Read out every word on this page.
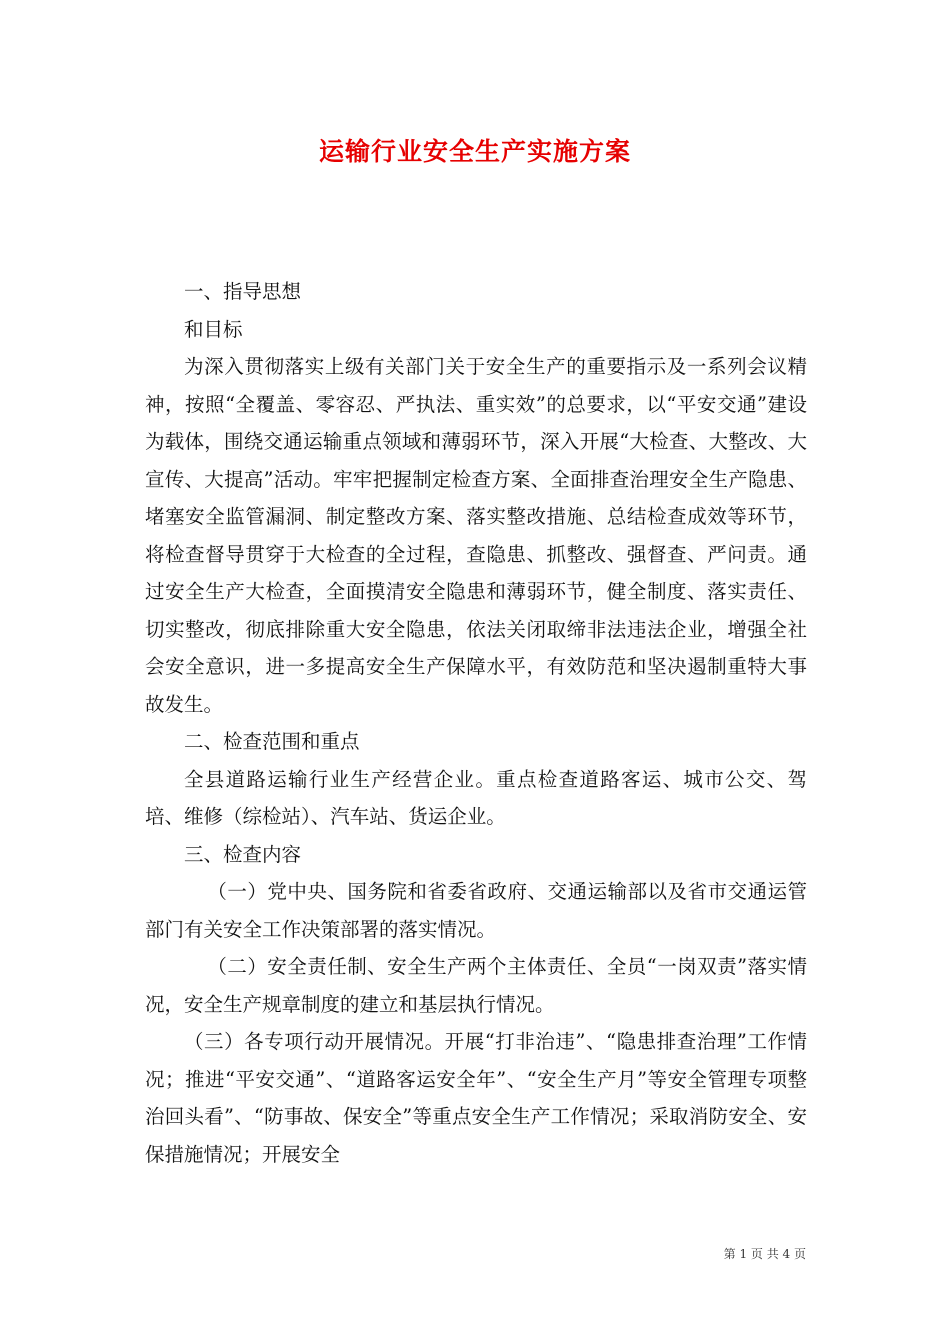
运输行业安全生产实施方案

一、指导思想

和目标

为深入贯彻落实上级有关部门关于安全生产的重要指示及一系列会议精神，按照“全覆盖、零容忍、严执法、重实效”的总要求，以“平安交通”建设为载体，围绕交通运输重点领域和薄弱环节，深入开展“大检查、大整改、大宣传、大提高”活动。牢牢把握制定检查方案、全面排查治理安全生产隐患、堵塞安全监管漏洞、制定整改方案、落实整改措施、总结检查成效等环节，将检查督导贯穿于大检查的全过程，查隐患、抓整改、强督查、严问责。通过安全生产大检查，全面摸清安全隐患和薄弱环节，健全制度、落实责任、切实整改，彻底排除重大安全隐患，依法关闭取缔非法违法企业，增强全社会安全意识，进一多提高安全生产保障水平，有效防范和坚决遏制重特大事故发生。

二、检查范围和重点

全县道路运输行业生产经营企业。重点检查道路客运、城市公交、驾培、维修（综检站）、汽车站、货运企业。

三、检查内容

（一）党中央、国务院和省委省政府、交通运输部以及省市交通运管部门有关安全工作决策部署的落实情况。

（二）安全责任制、安全生产两个主体责任、全员“一岗双责”落实情况，安全生产规章制度的建立和基层执行情况。

（三）各专项行动开展情况。开展“打非治违”、“隐患排查治理”工作情况；推进“平安交通”、“道路客运安全年”、“安全生产月”等安全管理专项整治回头看”、“防事故、保安全”等重点安全生产工作情况；采取消防安全、安保措施情况；开展安全

第 1 页 共 4 页
